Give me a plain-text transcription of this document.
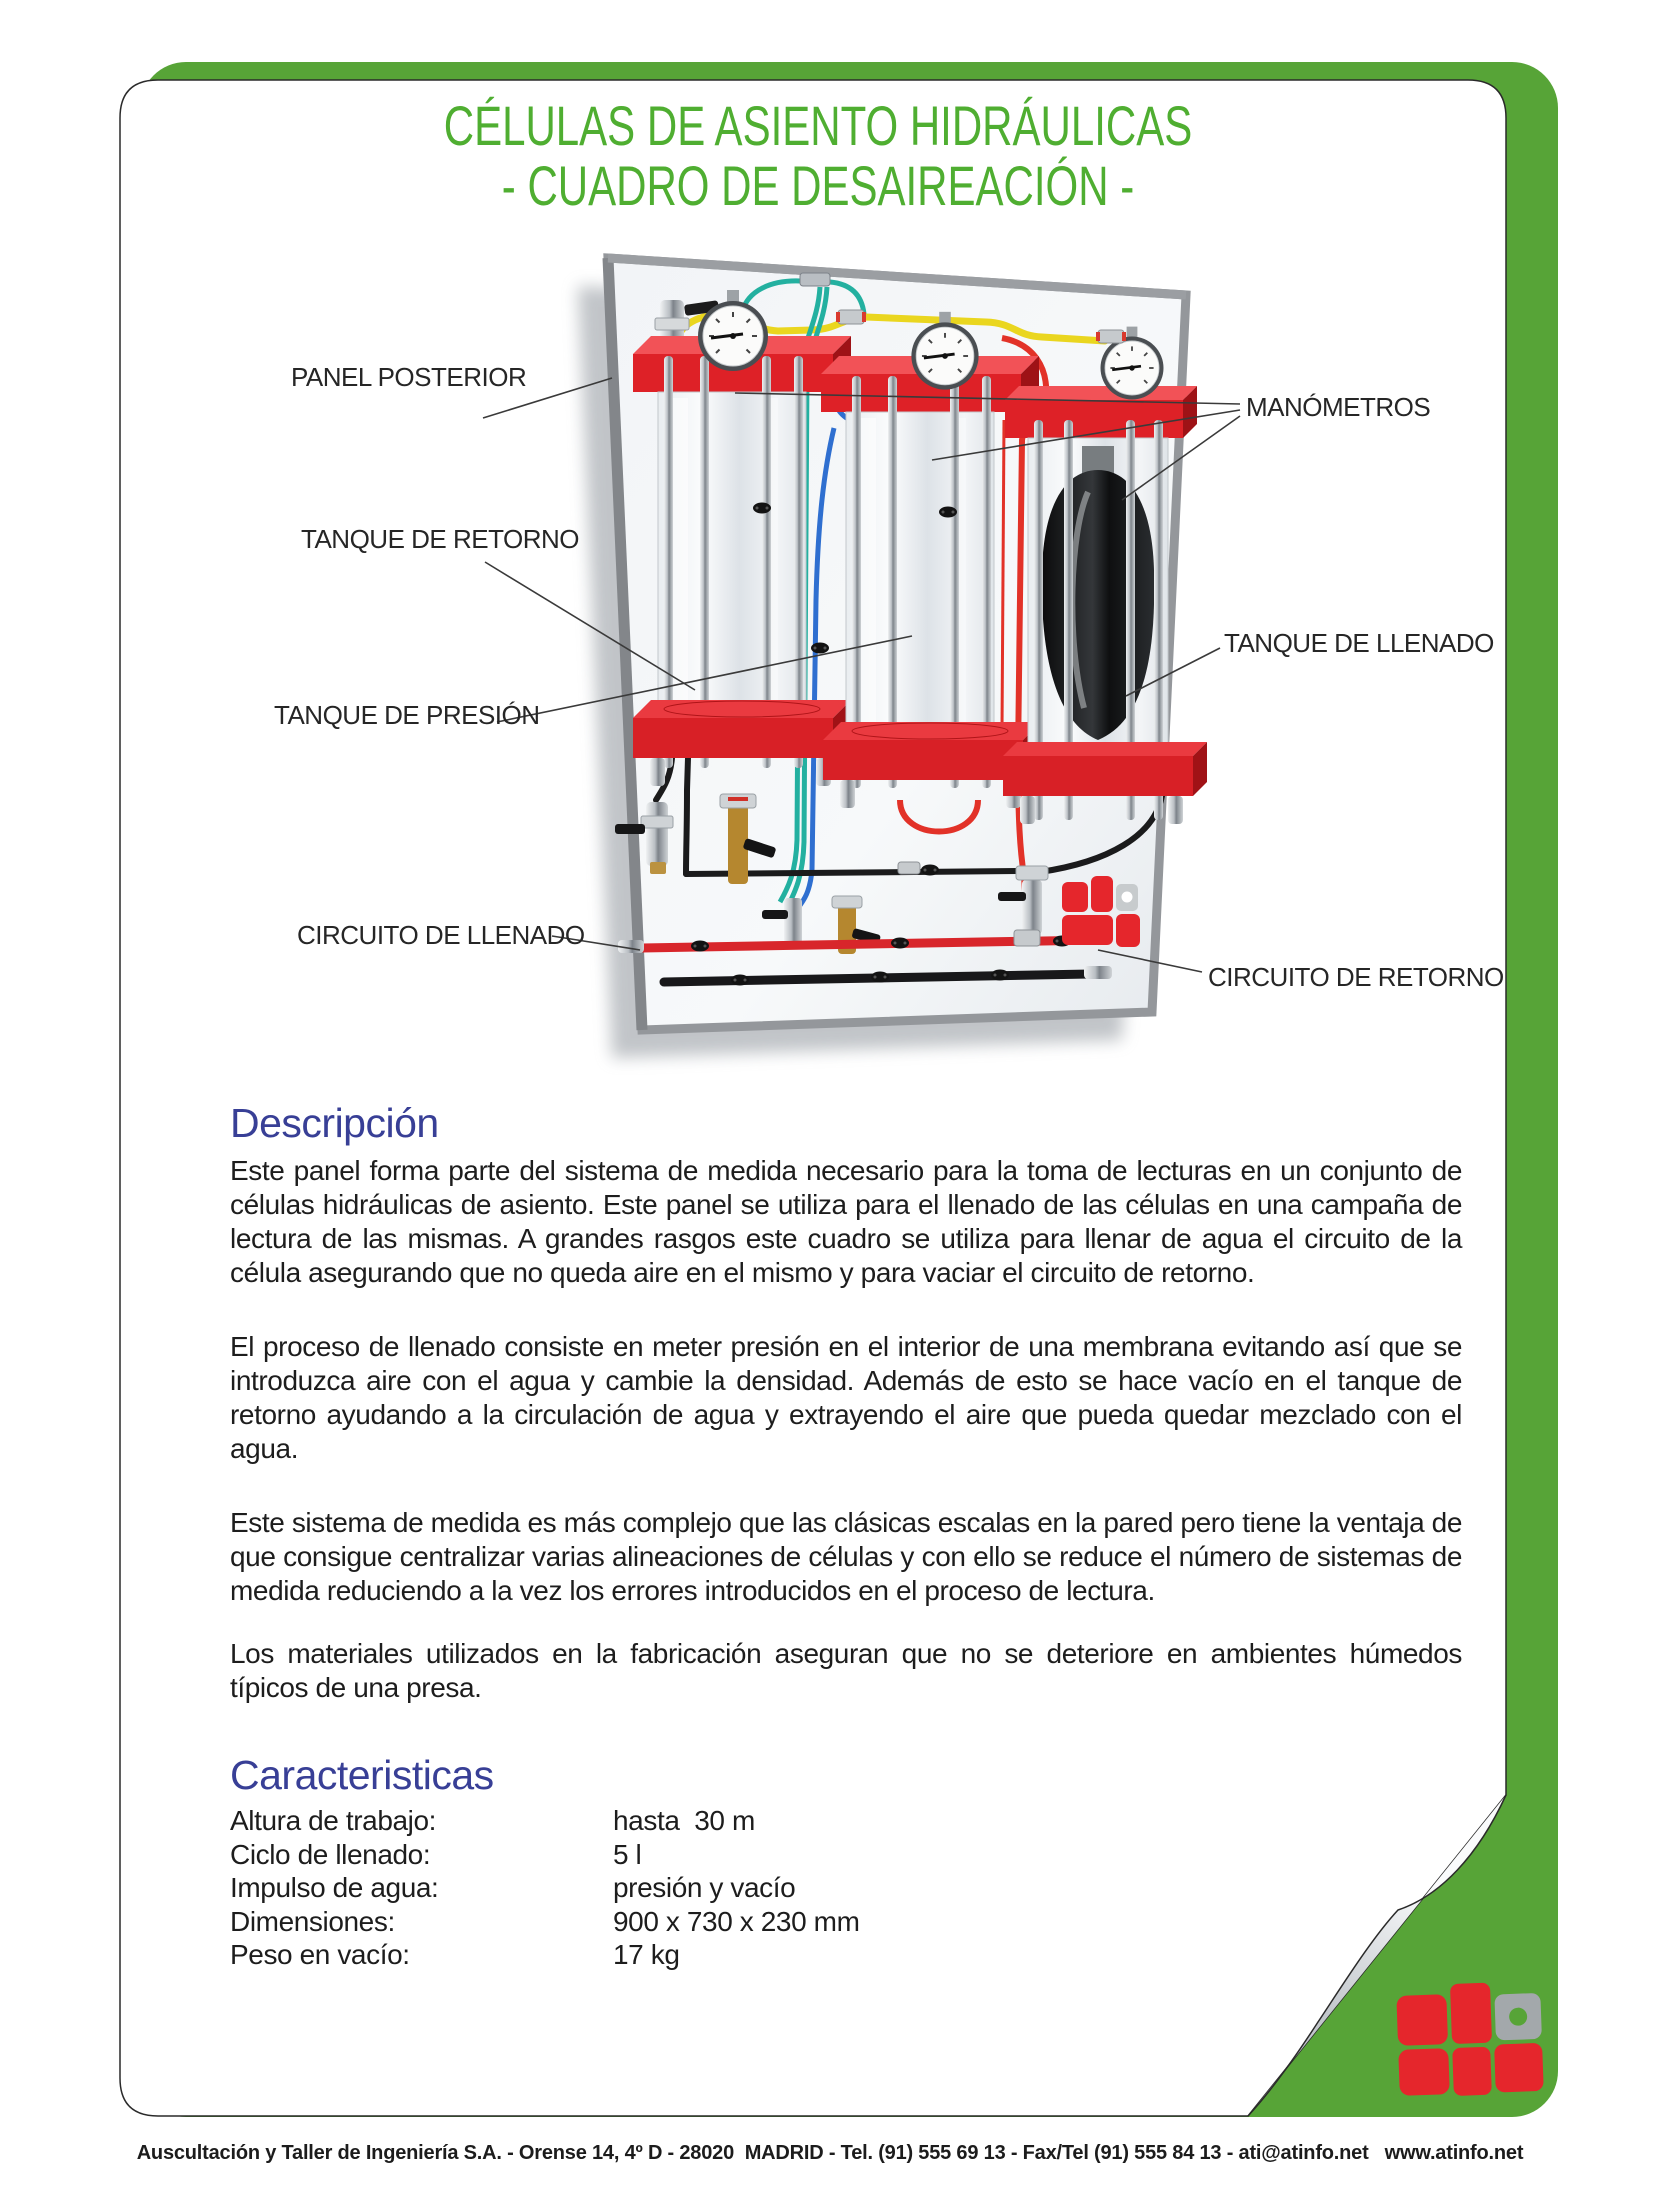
CÉLULAS DE ASIENTO HIDRÁULICAS
- CUADRO DE DESAIREACIÓN -
PANEL POSTERIOR
TANQUE DE RETORNO
TANQUE DE PRESIÓN
CIRCUITO DE LLENADO
MANÓMETROS
TANQUE DE LLENADO
CIRCUITO DE RETORNO
Descripción

Este panel forma parte del sistema de medida necesario para la toma de lecturas en un conjunto de células hidráulicas de asiento. Este panel se utiliza para el llenado de las células en una campaña de lectura de las mismas. A grandes rasgos este cuadro se utiliza para llenar de agua el circuito de la célula asegurando que no queda aire en el mismo y para vaciar el circuito de retorno.

El proceso de llenado consiste en meter presión en el interior de una membrana evitando así que se introduzca aire con el agua y cambie la densidad. Además de esto se hace vacío en el tanque de retorno ayudando a la circulación de agua y extrayendo el aire que pueda quedar mezclado con el agua.

Este sistema de medida es más complejo que las clásicas escalas en la pared pero tiene la ventaja de que consigue centralizar varias alineaciones de células y con ello se reduce el número de sistemas de medida reduciendo a la vez los errores introducidos en el proceso de lectura.

Los materiales utilizados en la fabricación aseguran que no se deteriore en ambientes húmedos típicos de una presa.

Caracteristicas
Altura de trabajo:	hasta  30 m
Ciclo de llenado:	5 l
Impulso de agua:	presión y vacío
Dimensiones:	900 x 730 x 230 mm
Peso en vacío:	17 kg
Auscultación y Taller de Ingeniería S.A. - Orense 14, 4º D - 28020  MADRID - Tel. (91) 555 69 13 - Fax/Tel (91) 555 84 13 - ati@atinfo.net   www.atinfo.net
